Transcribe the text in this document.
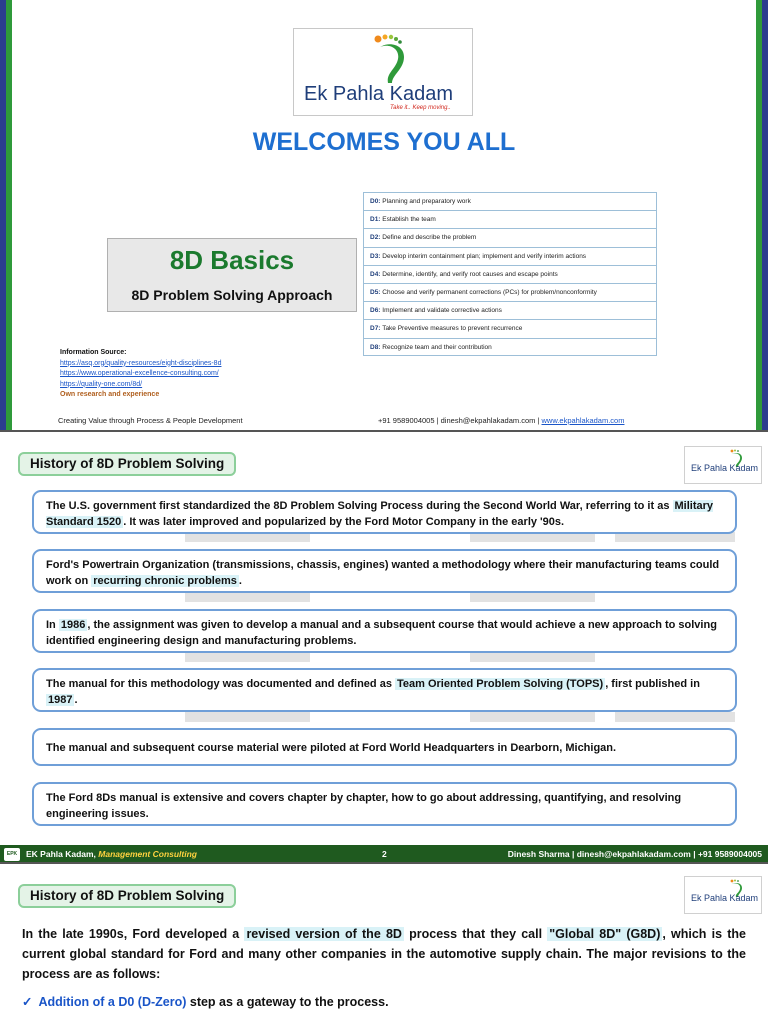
Ek Pahla Kadam
Take it.. Keep moving..
WELCOMES YOU ALL
8D Basics
8D Problem Solving Approach
D0: Planning and preparatory work
D1: Establish the team
D2: Define and describe the problem
D3: Develop interim containment plan; implement and verify interim actions
D4: Determine, identify, and verify root causes and escape points
D5: Choose and verify permanent corrections (PCs) for problem/nonconformity
D6: Implement and validate corrective actions
D7: Take Preventive measures to prevent recurrence
D8: Recognize team and their contribution
Information Source:
https://asq.org/quality-resources/eight-disciplines-8d
https://www.operational-excellence-consulting.com/
https://quality-one.com/8d/
Own research and experience
Creating Value through Process & People Development	+91 9589004005 | dinesh@ekpahlakadam.com | www.ekpahlakadam.com
History of 8D Problem Solving	Ek Pahla Kadam
The U.S. government first standardized the 8D Problem Solving Process during the Second World War, referring to it as Military Standard 1520 . It was later improved and popularized by the Ford Motor Company in the early '90s.
Ford's Powertrain Organization (transmissions, chassis, engines) wanted a methodology where their manufacturing teams could work on recurring chronic problems .
In 1986 , the assignment was given to develop a manual and a subsequent course that would achieve a new approach to solving identified engineering design and manufacturing problems.
The manual for this methodology was documented and defined as Team Oriented Problem Solving (TOPS) , first published in 1987 .
The manual and subsequent course material were piloted at Ford World Headquarters in Dearborn, Michigan.
The Ford 8Ds manual is extensive and covers chapter by chapter, how to go about addressing, quantifying, and resolving engineering issues.
EPK	EK Pahla Kadam, Management Consulting	2	Dinesh Sharma | dinesh@ekpahlakadam.com | +91 9589004005
History of 8D Problem Solving	Ek Pahla Kadam
In the late 1990s, Ford developed a revised version of the 8D process that they call "Global 8D" (G8D) , which is the current global standard for Ford and many other companies in the automotive supply chain. The major revisions to the process are as follows:
✓ Addition of a D0 (D-Zero) step as a gateway to the process.
